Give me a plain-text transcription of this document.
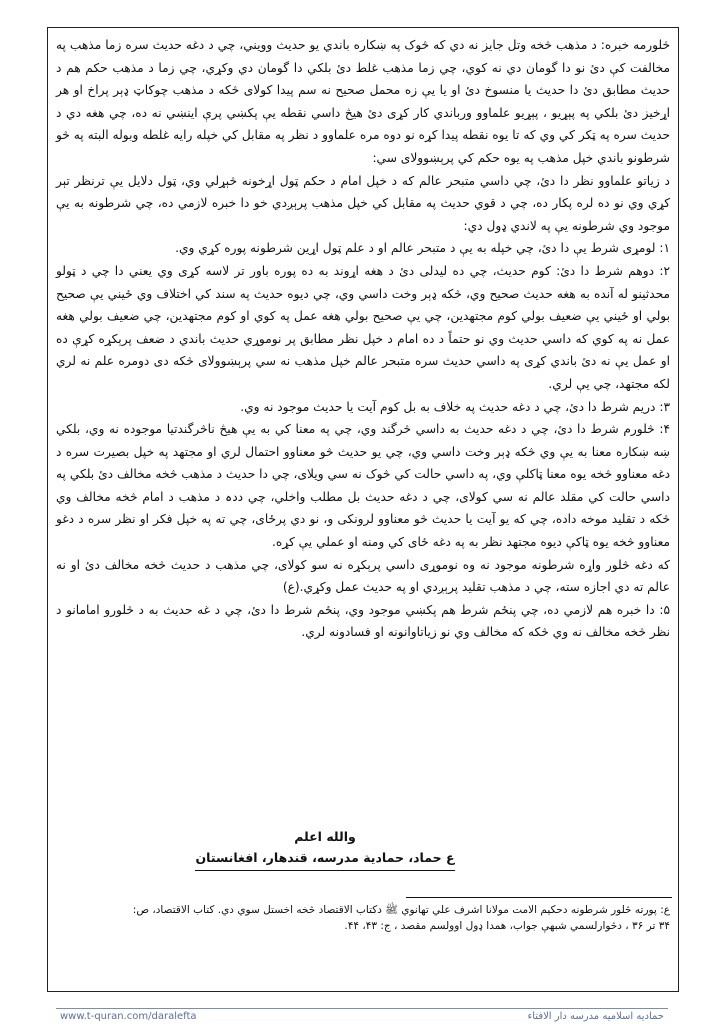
څلورمه خبره: د مذهب څخه وتل جایز نه دي که څوک په ښکاره باندي یو حدیث وویني، چي د دغه حدیث سره زما مذهب په مخالفت کې دئ نو دا گومان دي نه کوي، چي زما مذهب غلط دئ بلکي دا گومان دي وکړي، چي زما د مذهب حکم هم د حدیث مطابق دئ دا حدیث یا منسوخ دئ او یا یې زه محمل صحیح نه سم پیدا کولای څکه د مذهب چوکاټ ډېر پراخ او هر اړخیز دئ بلکي په پېړیو ، پېړیو علماوو ورباندي کار کړی دئ هیڅ داسي نقطه یې پکښي پرې اینښي نه ده، چي هغه دي د حدیث سره په ټکر کي وي که تا یوه نقطه پیدا کړه نو دوه مره علماوو د نظر په مقابل کي خپله رایه غلطه وبوله البته په څو شرطونو باندي خپل مذهب په یوه حکم کي پرېښوولای سي:

د زیاتو علماوو نظر دا دئ، چي داسي متبحر عالم که د خپل امام د حکم ټول اړخونه څېړلي وي، ټول دلایل یې ترنظر تېر کړي وي نو ده لره پکار ده، چي د قوي حدیث په مقابل کي خپل مذهب پرېږدي خو دا خبره لازمي ده، چي شرطونه به یې موجود وي شرطونه یې په لاندي ډول دي:

۱: لومړی شرط یې دا دئ، چي خپله به یې د متبحر عالم او د علم ټول اړین شرطونه پوره کړي وي.

۲: دوهم شرط دا دئ: کوم حدیث، چي ده لیدلی دئ د هغه اړوند به ده پوره باور تر لاسه کړی وي یعني دا چي د ټولو محدثینو له آنده به هغه حدیث صحیح وي، څکه ډېر وخت داسي وي، چي دیوه حدیث په سند کي اختلاف وي ځیني یې صحیح بولي او ځیني یې ضعیف بولي کوم مجتهدین، چي یې صحیح بولي هغه عمل په کوي او کوم مجتهدین، چي ضعیف بولي هغه عمل نه په کوي که داسي حدیث وي نو حتماً د ده امام د خپل نظر مطابق پر نوموړي حدیث باندي د ضعف پرېکړه کړې ده او عمل یې نه دئ باندي کړی په داسي حدیث سره متبحر عالم خپل مذهب نه سي پرېښوولای څکه دی دومره علم نه لري لکه مجتهد، چي یې لري.

۳: دریم شرط دا دئ، چي د دغه حدیث په خلاف به بل کوم آیت یا حدیث موجود نه وي.

۴: څلورم شرط دا دئ، چي د دغه حدیث به داسي څرگند وي، چي په معنا کي به یې هیڅ ناڅرگندتیا موجوده نه وي، بلکي ښه ښکاره معنا به یې وي څکه ډېر وخت داسي وي، چي یو حدیث څو معناوو احتمال لري او مجتهد په خپل بصیرت سره د دغه معناوو څخه یوه معنا ټاکلې وي، په داسي حالت کي څوک نه سي ویلای، چي دا حدیث د مذهب څخه مخالف دئ بلکي په داسي حالت کي مقلد عالم نه سي کولای، چي د دغه حدیث بل مطلب واخلي، چي ددہ د مذهب د امام څخه مخالف وي څکه د تقلید موخه داده، چي که یو آیت یا حدیث څو معناوو لرونکی و، نو دي پرځای، چي ته په خپل فکر او نظر سره د دغو معناوو څخه یوه ټاکې دیوه مجتهد نظر به په دغه ځای کي ومنه او عملي یې کړه.

که دغه څلور واړه شرطونه موجود نه وه نوموړی داسي پرېکړه نه سو کولای، چي مذهب د حدیث څخه مخالف دئ او نه عالم ته دي اجازه سته، چي د مذهب تقلید پرېږدي او په حدیث عمل وکړي.(ع)

۵: دا خبره هم لازمي ده، چي پنځم شرط هم پکښي موجود وي، پنځم شرط دا دئ، چي د غه حدیث به د څلورو امامانو د نظر څخه مخالف نه وي څکه که مخالف وي نو زیاتاوانونه او فسادونه لري.

والله اعلم
ع حماد، حمادیة مدرسه، قندهار، افغانستان
ع: پورته څلور شرطونه دحکیم الامت مولانا اشرف علي تهانوي ﷺ دکتاب الاقتصاد څخه اخستل سوي دي. کتاب الاقتصاد، ص:
۳۴ تر ۳۶ ، دڅوارلسمي شبهې جواب، همدا ډول اوولسم مقصد ، ج: ۴۳، ۴۴.
www.t-quran.com/daralefta	حمادیه اسلامیه مدرسه دار الافتاء
